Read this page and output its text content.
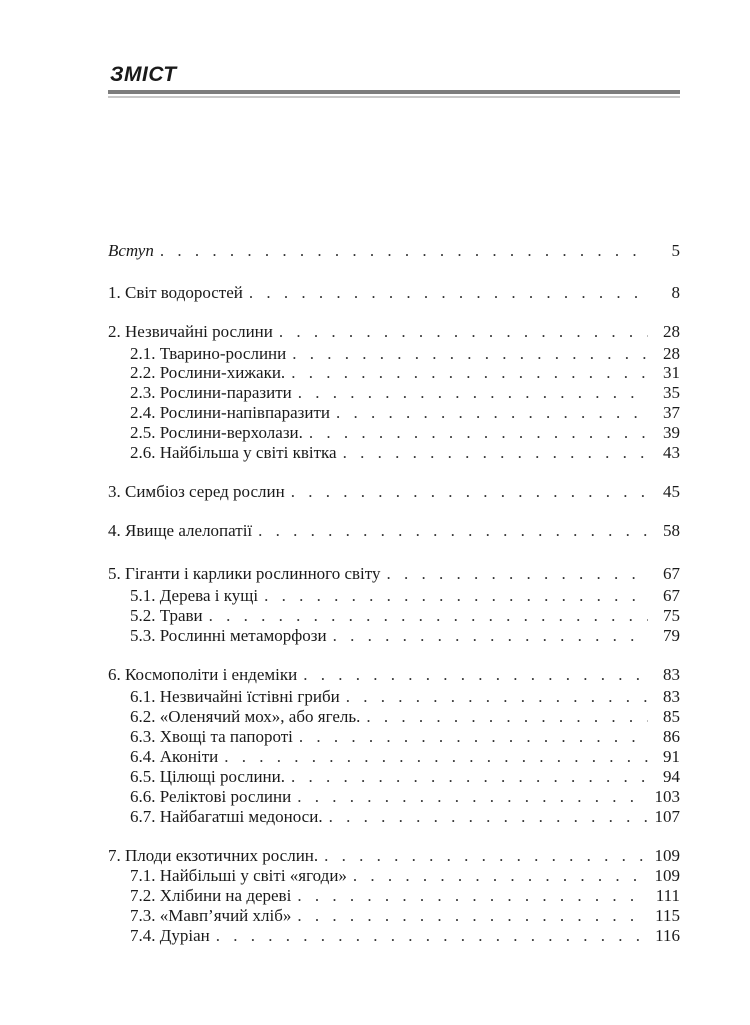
ЗМІСТ
Вступ . . .	5
1. Світ водоростей . . .	8
2. Незвичайні рослини . . .	28
2.1. Тварино-рослини . . .	28
2.2. Рослини-хижаки. . . .	31
2.3. Рослини-паразити . . .	35
2.4. Рослини-напівпаразити . . .	37
2.5. Рослини-верхолази. . . .	39
2.6. Найбільша у світі квітка . . .	43
3. Симбіоз серед рослин . . .	45
4. Явище алелопатії . . .	58
5. Гіганти і карлики рослинного світу . . .	67
5.1. Дерева і кущі . . .	67
5.2. Трави . . .	75
5.3. Рослинні метаморфози . . .	79
6. Космополіти і ендеміки . . .	83
6.1. Незвичайні їстівні гриби . . .	83
6.2. «Оленячий мох», або ягель. . . .	85
6.3. Хвощі та папороті . . .	86
6.4. Аконіти . . .	91
6.5. Цілющі рослини. . . .	94
6.6. Реліктові рослини . . .	103
6.7. Найбагатші медоноси. . . .	107
7. Плоди екзотичних рослин. . . .	109
7.1. Найбільші у світі «ягоди» . . .	109
7.2. Хлібини на дереві . . .	111
7.3. «Мавп’ячий хліб» . . .	115
7.4. Дуріан . . .	116
